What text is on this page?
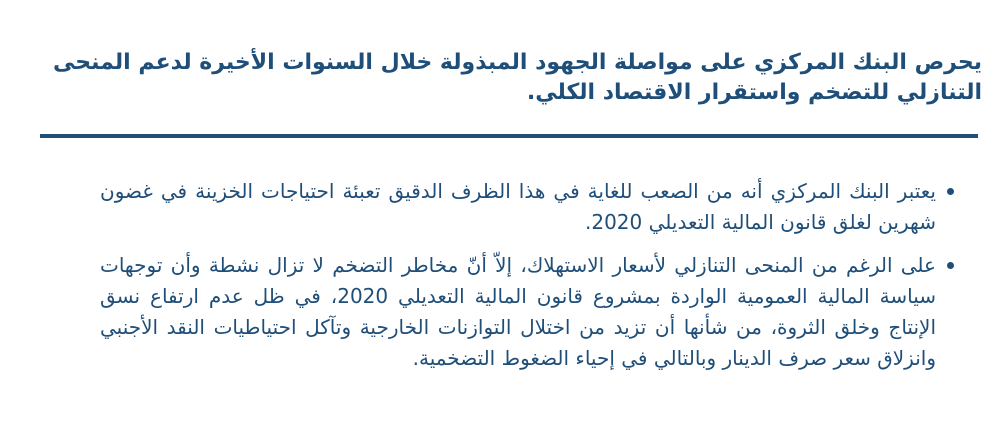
يحرص البنك المركزي على مواصلة الجهود المبذولة خلال السنوات الأخيرة لدعم المنحى التنازلي للتضخم واستقرار الاقتصاد الكلي.
يعتبر البنك المركزي أنه من الصعب للغاية في هذا الظرف الدقيق تعبئة احتياجات الخزينة في غضون شهرين لغلق قانون المالية التعديلي 2020.
على الرغم من المنحى التنازلي لأسعار الاستهلاك، إلاّ أنّ مخاطر التضخم لا تزال نشطة وأن توجهات سياسة المالية العمومية الواردة بمشروع قانون المالية التعديلي 2020، في ظل عدم ارتفاع نسق الإنتاج وخلق الثروة، من شأنها أن تزيد من اختلال التوازنات الخارجية وتآكل احتياطيات النقد الأجنبي وانزلاق سعر صرف الدينار وبالتالي في إحياء الضغوط التضخمية.
